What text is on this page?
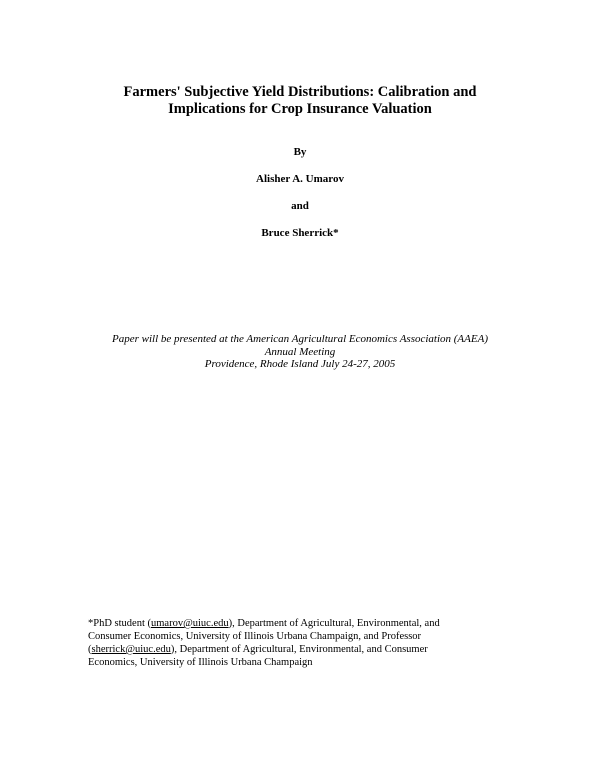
Farmers' Subjective Yield Distributions: Calibration and
Implications for Crop Insurance Valuation
By
Alisher A. Umarov
and
Bruce Sherrick*
Paper will be presented at the American Agricultural Economics Association (AAEA)
Annual Meeting
Providence, Rhode Island July 24-27, 2005
*PhD student (umarov@uiuc.edu), Department of Agricultural, Environmental, and
Consumer Economics, University of Illinois Urbana Champaign, and Professor
(sherrick@uiuc.edu), Department of Agricultural, Environmental, and Consumer
Economics, University of Illinois Urbana Champaign
